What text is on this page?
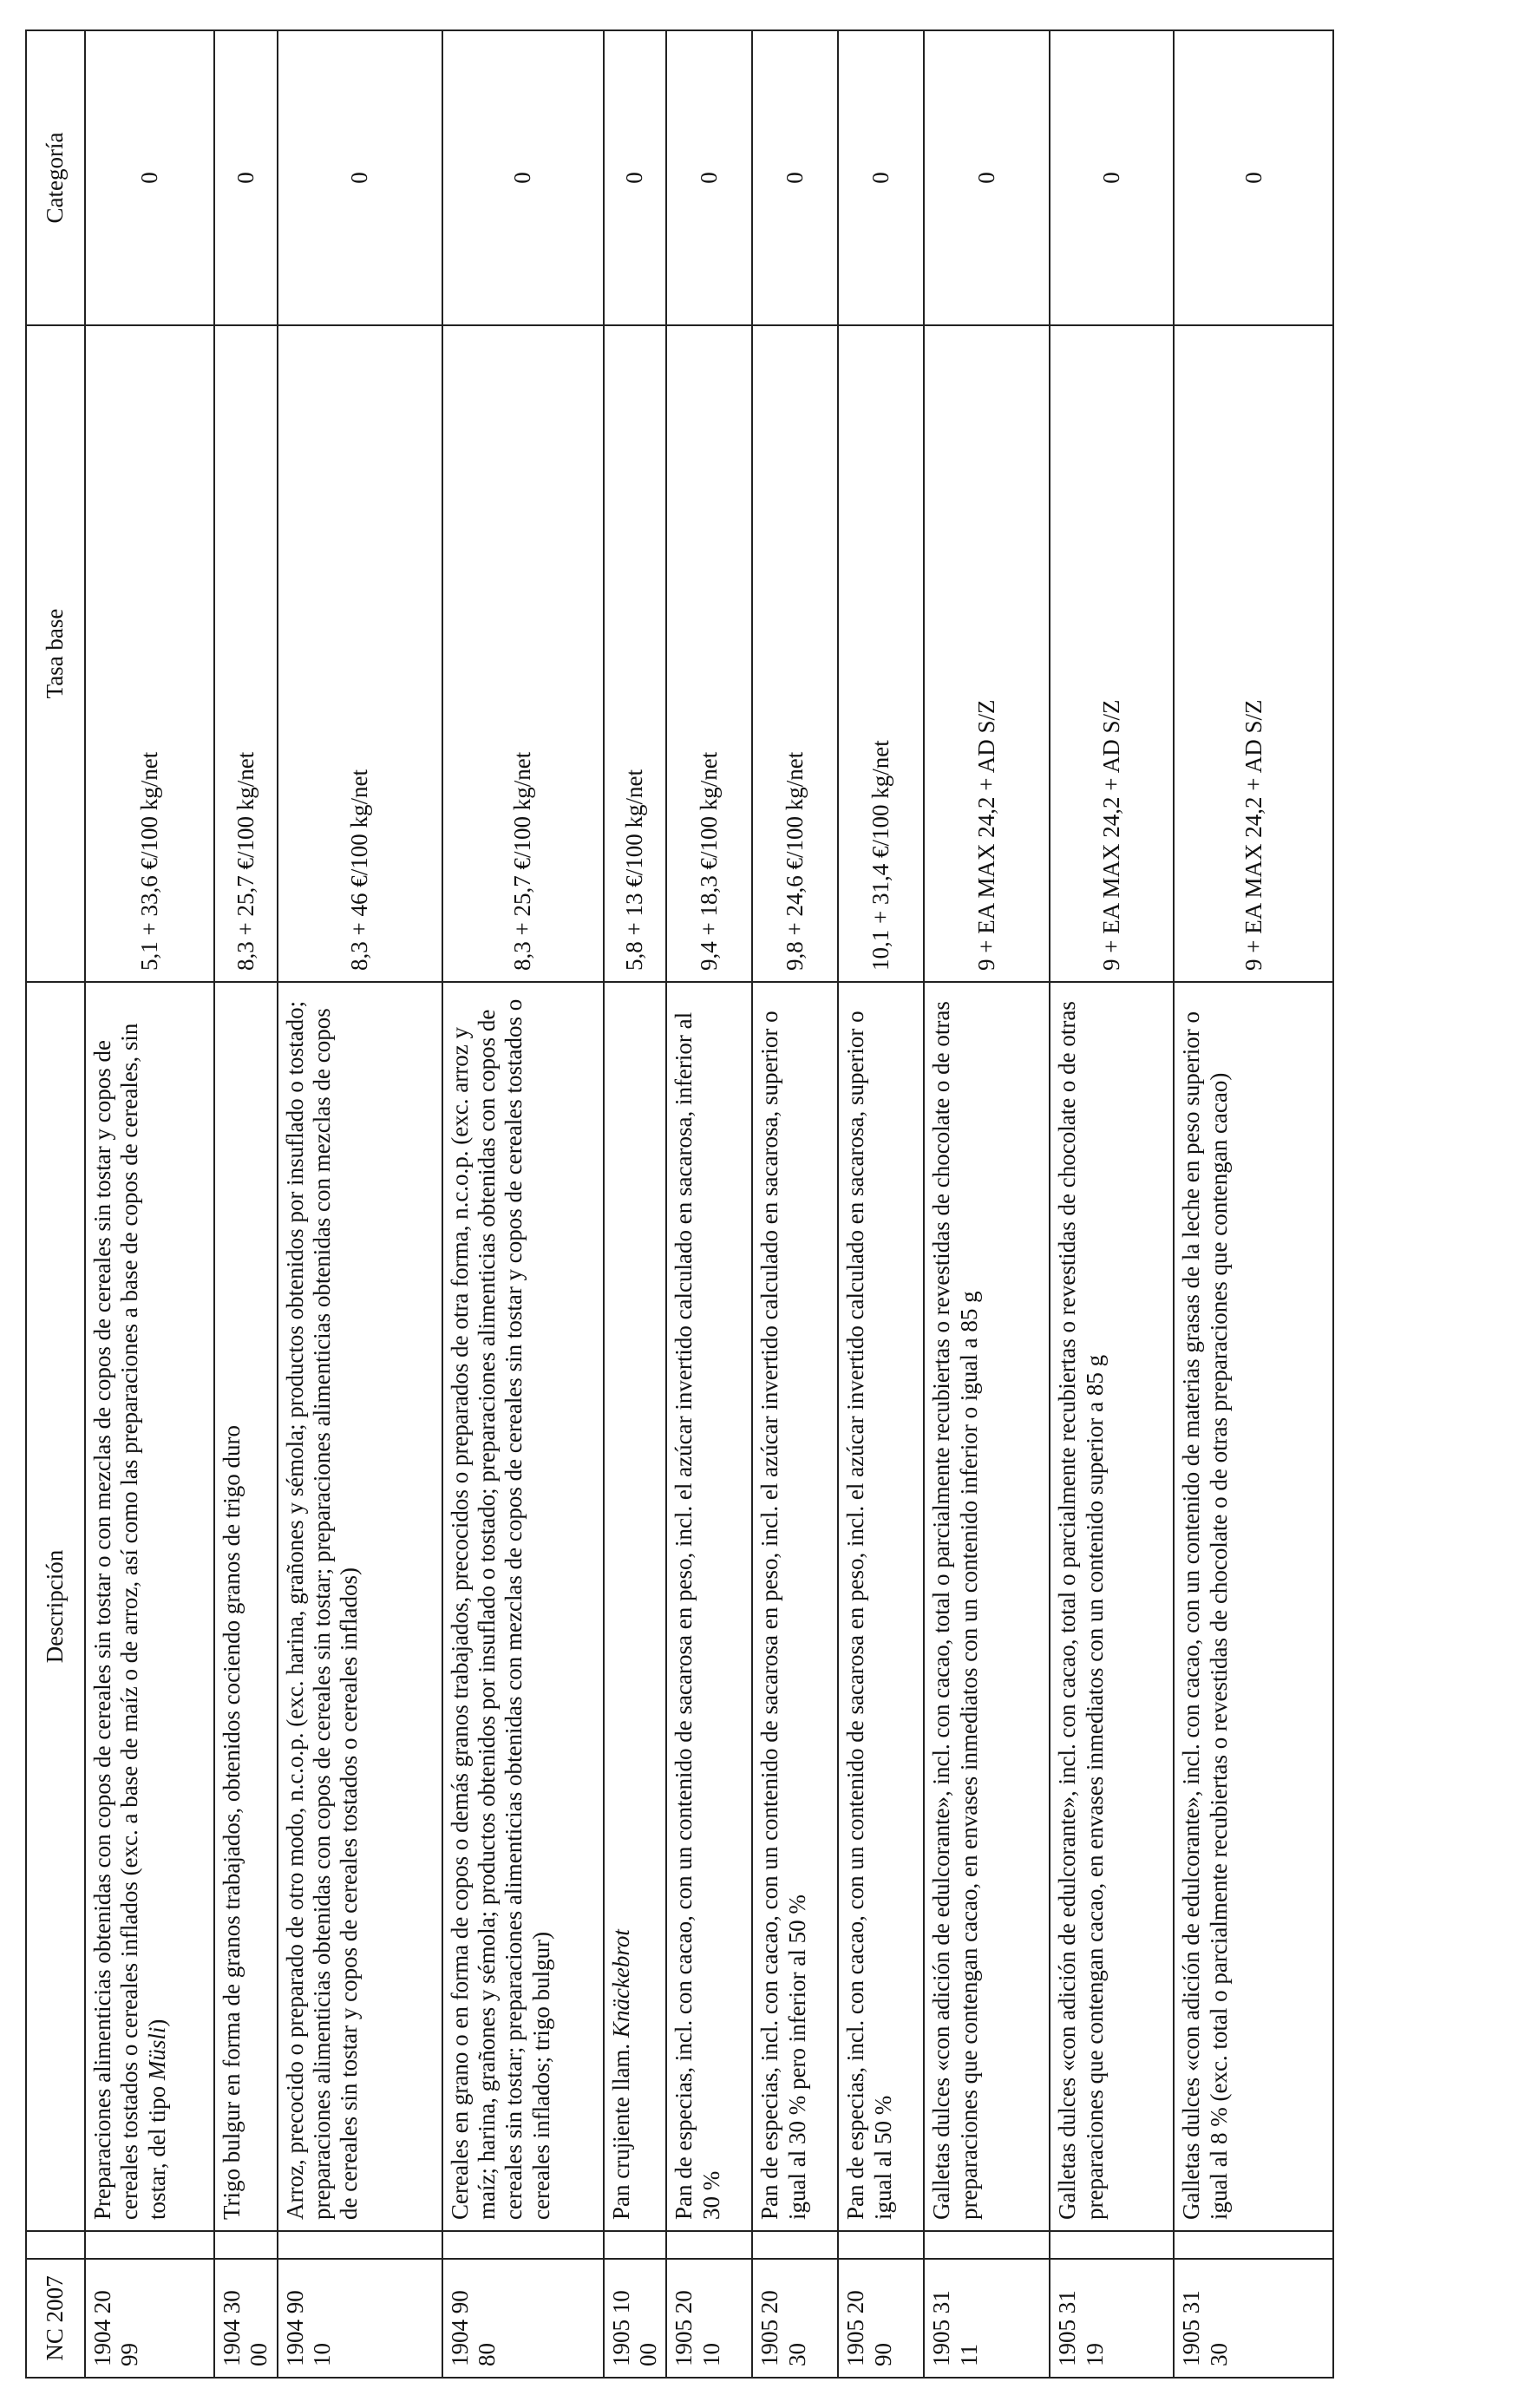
NC 2007		Descripción	Tasa base	Categoría
1904 20 99		Preparaciones alimenticias obtenidas con copos de cereales sin tostar o con mezclas de copos de cereales sin tostar y copos de cereales tostados o cereales inflados (exc. a base de maíz o de arroz, así como las preparaciones a base de copos de cereales, sin tostar, del tipo Müsli)	5,1 + 33,6 €/100 kg/net	0
1904 30 00		Trigo bulgur en forma de granos trabajados, obtenidos cociendo granos de trigo duro	8,3 + 25,7 €/100 kg/net	0
1904 90 10		Arroz, precocido o preparado de otro modo, n.c.o.p. (exc. harina, grañones y sémola; productos obtenidos por insuflado o tostado; preparaciones alimenticias obtenidas con copos de cereales sin tostar; preparaciones alimenticias obtenidas con mezclas de copos de cereales sin tostar y copos de cereales tostados o cereales inflados)	8,3 + 46 €/100 kg/net	0
1904 90 80		Cereales en grano o en forma de copos o demás granos trabajados, precocidos o preparados de otra forma, n.c.o.p. (exc. arroz y maíz; harina, grañones y sémola; productos obtenidos por insuflado o tostado; preparaciones alimenticias obtenidas con copos de cereales sin tostar; preparaciones alimenticias obtenidas con mezclas de copos de cereales sin tostar y copos de cereales tostados o cereales inflados; trigo bulgur)	8,3 + 25,7 €/100 kg/net	0
1905 10 00		Pan crujiente llam. Knäckebrot	5,8 + 13 €/100 kg/net	0
1905 20 10		Pan de especias, incl. con cacao, con un contenido de sacarosa en peso, incl. el azúcar invertido calculado en sacarosa, inferior al 30 %	9,4 + 18,3 €/100 kg/net	0
1905 20 30		Pan de especias, incl. con cacao, con un contenido de sacarosa en peso, incl. el azúcar invertido calculado en sacarosa, superior o igual al 30 % pero inferior al 50 %	9,8 + 24,6 €/100 kg/net	0
1905 20 90		Pan de especias, incl. con cacao, con un contenido de sacarosa en peso, incl. el azúcar invertido calculado en sacarosa, superior o igual al 50 %	10,1 + 31,4 €/100 kg/net	0
1905 31 11		Galletas dulces «con adición de edulcorante», incl. con cacao, total o parcialmente recubiertas o revestidas de chocolate o de otras preparaciones que contengan cacao, en envases inmediatos con un contenido inferior o igual a 85 g	9 + EA MAX 24,2 + AD S/Z	0
1905 31 19		Galletas dulces «con adición de edulcorante», incl. con cacao, total o parcialmente recubiertas o revestidas de chocolate o de otras preparaciones que contengan cacao, en envases inmediatos con un contenido superior a 85 g	9 + EA MAX 24,2 + AD S/Z	0
1905 31 30		Galletas dulces «con adición de edulcorante», incl. con cacao, con un contenido de materias grasas de la leche en peso superior o igual al 8 % (exc. total o parcialmente recubiertas o revestidas de chocolate o de otras preparaciones que contengan cacao)	9 + EA MAX 24,2 + AD S/Z	0
